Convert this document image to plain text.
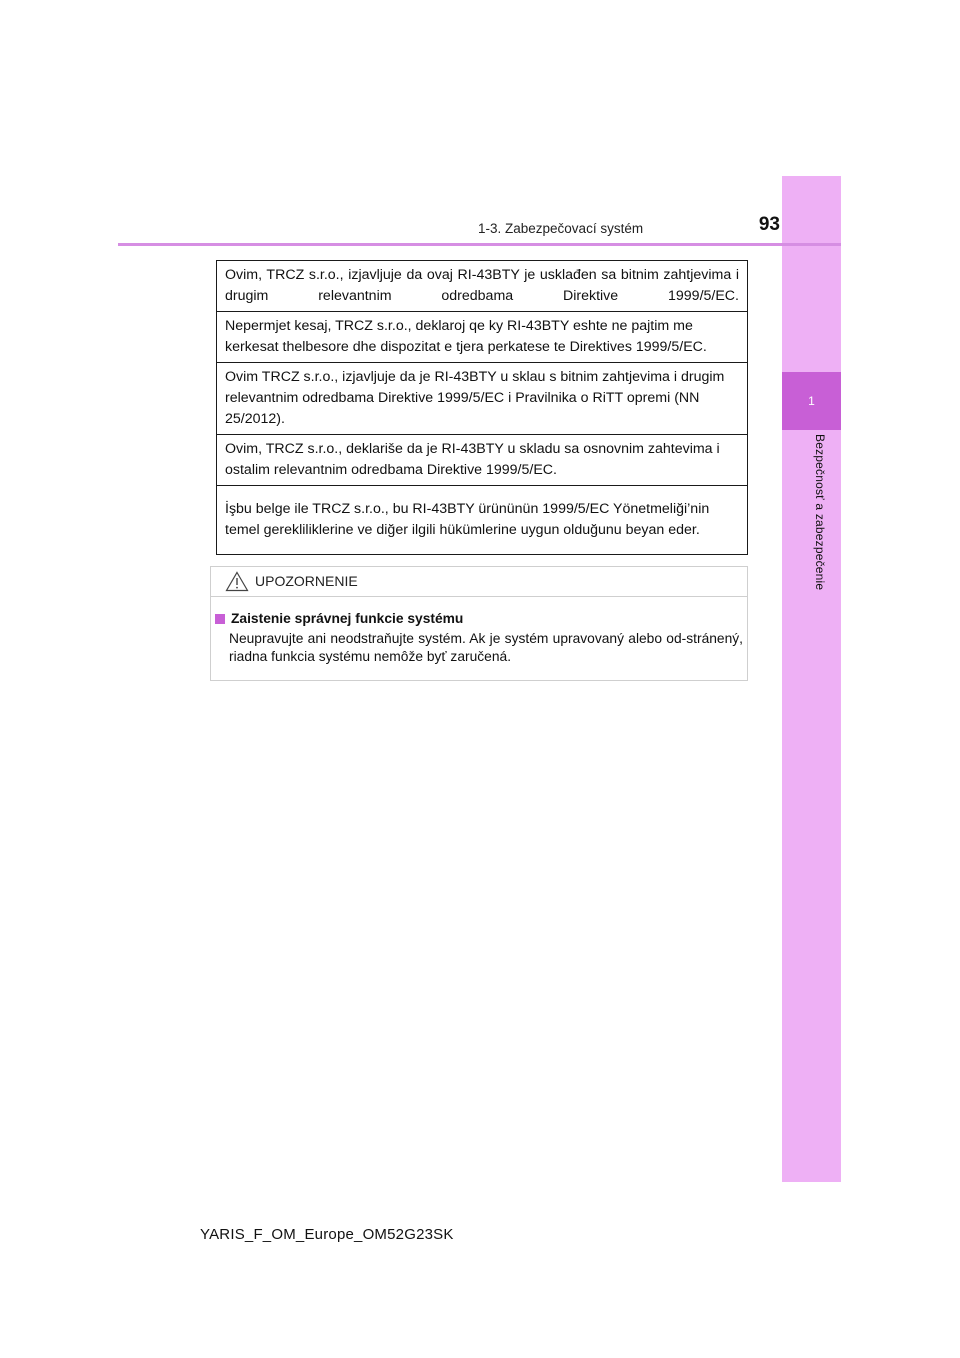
1
Bezpečnosť a zabezpečenie
1-3. Zabezpečovací systém	93
Ovim, TRCZ s.r.o., izjavljuje da ovaj RI-43BTY je usklađen sa bitnim zahtjevima i drugim relevantnim odredbama Direktive 1999/5/EC.
Nepermjet kesaj, TRCZ s.r.o., deklaroj qe ky RI-43BTY eshte ne pajtim me kerkesat thelbesore dhe dispozitat e tjera perkatese te Direktives 1999/5/EC.
Ovim TRCZ s.r.o., izjavljuje da je RI-43BTY u sklau s bitnim zahtjevima i drugim relevantnim odredbama Direktive 1999/5/EC i Pravilnika o RiTT opremi (NN 25/2012).
Ovim, TRCZ s.r.o., deklariše da je RI-43BTY u skladu sa osnovnim zahtevima i ostalim relevantnim odredbama Direktive 1999/5/EC.
İşbu belge ile TRCZ s.r.o., bu RI-43BTY ürününün 1999/5/EC Yönetmeliği’nin temel gerekliliklerine ve diğer ilgili hükümlerine uygun olduğunu beyan eder.
UPOZORNENIE
Zaistenie správnej funkcie systému
Neupravujte ani neodstraňujte systém. Ak je systém upravovaný alebo od-stránený, riadna funkcia systému nemôže byť zaručená.
YARIS_F_OM_Europe_OM52G23SK
